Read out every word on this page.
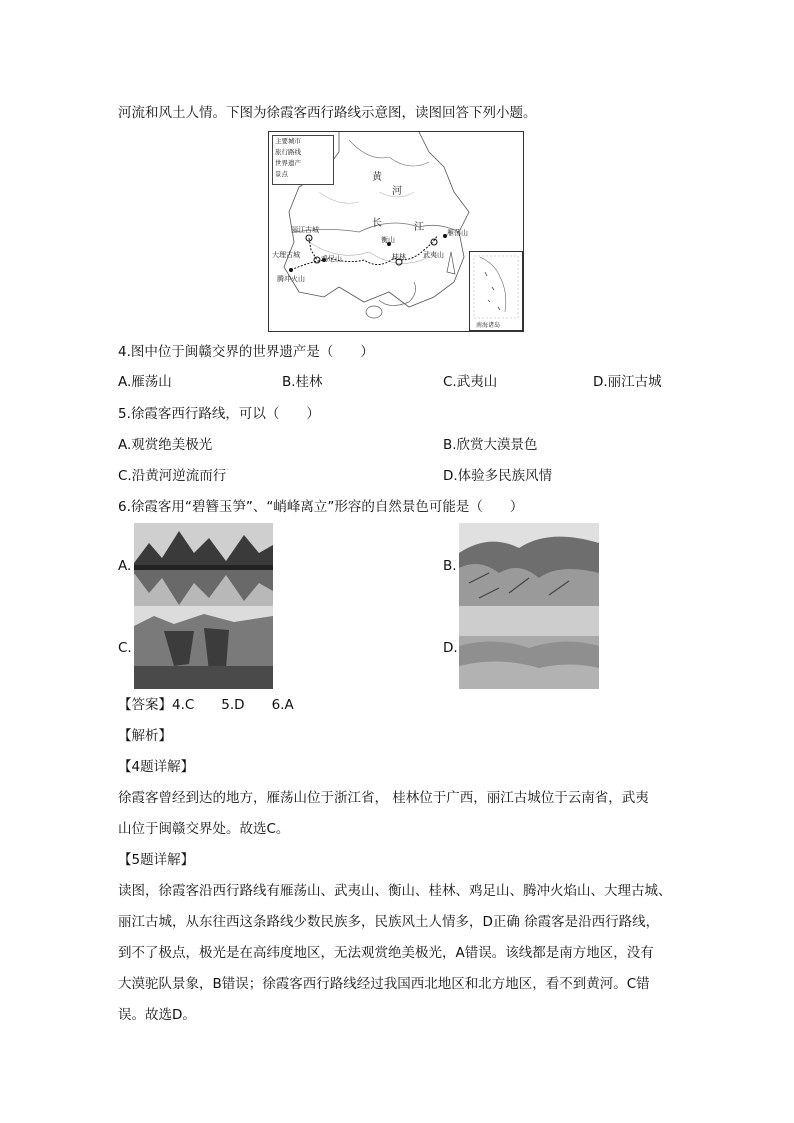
河流和风土人情。下图为徐霞客西行路线示意图，读图回答下列小题。
主要城市
旅行路线
世界遗产
景点	黄
河
长	江
丽江古城
大理古城	鸡足山
腾冲火山
衡山
桂林 武夷山
雁荡山
南海诸岛
4.图中位于闽赣交界的世界遗产是（　　）
A.雁荡山	B.桂林	C.武夷山	D.丽江古城
5.徐霞客西行路线，可以（　　）
A.观赏绝美极光	B.欣赏大漠景色
C.沿黄河逆流而行	D.体验多民族风情
6.徐霞客用“碧簪玉笋”、“峭峰离立”形容的自然景色可能是（　　）
A.	B.
C.	D.
【答案】4.C　　5.D　　6.A
【解析】
【4题详解】
徐霞客曾经到达的地方，雁荡山位于浙江省， 桂林位于广西，丽江古城位于云南省，武夷
山位于闽赣交界处。故选C。
【5题详解】
读图，徐霞客沿西行路线有雁荡山、武夷山、衡山、桂林、鸡足山、腾冲火焰山、大理古城、
丽江古城，从东往西这条路线少数民族多，民族风土人情多，D正确 徐霞客是沿西行路线，
到不了极点，极光是在高纬度地区，无法观赏绝美极光，A错误。该线都是南方地区，没有
大漠驼队景象，B错误；徐霞客西行路线经过我国西北地区和北方地区，看不到黄河。C错
误。故选D。
